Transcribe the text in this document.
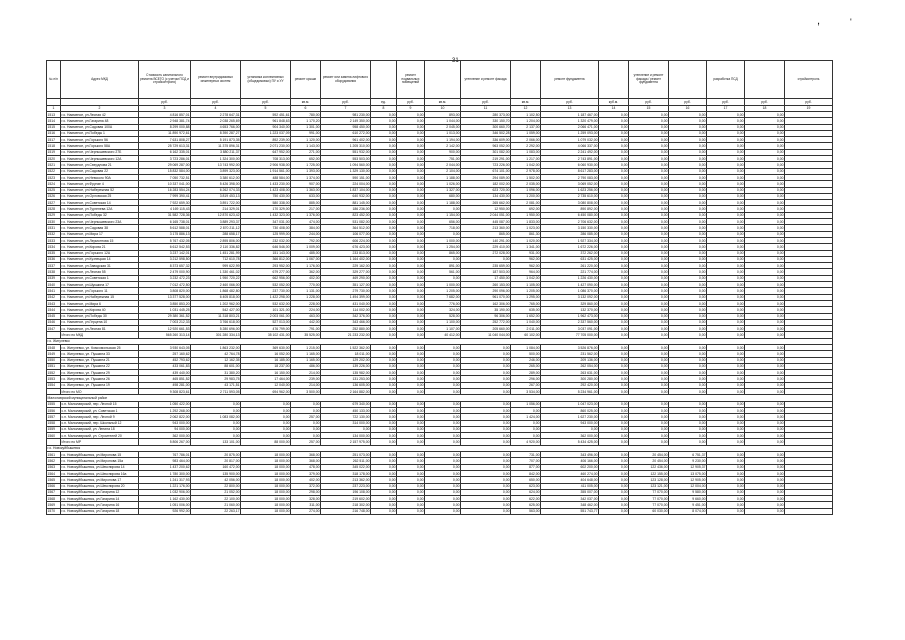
,	'
31
№ п/п	Адрес МКД	Стоимость капитального ремонта ВСЕГО (с учетом ПСД и стройконтроля)	ремонт внутридомовых инженерных систем	установка коллективных (общедомовых) ПУ и УУ	ремонт крыши	ремонт или замена лифтового оборудования		ремонт подвальных помещений		утепление и ремонт фасада		ремонт фундамента		утепление и ремонт фасада / ремонт фундамента		разработка ПСД		стройконтроль
		руб.	руб.	руб.	кв.м.	руб.	ед.	руб.	кв.м.	руб.	кв.м.	руб.	куб.м.	руб.	руб.	руб.	руб.	руб.
1	2	3	4	5	6	7	8	9	10	11	12	13	14	15	16	17	18	19
1513	г.о. Наименое, ул.Лесная 42	4 816 857,01	2 278 647,31	592 451,61	780,00	981 230,00	0,00	0,00	893,00	280 373,00	1 102,50	1 187 467,00	0,00	0,00	0,00	0,00	0,00	
1514	г.о. Наименое, ул.Гагарина 48	2 948 381,74	2 038 265,69	961 848,63	1 170,20	2 149 350,00	0,00	0,00	1 044,00	330 150,70	1 204,00	1 320 479,00	0,00	0,00	0,00	0,00	0,00	
1515	г.о. Наименое, ул.Садовая 100А	8 299 000,88	4 653 766,00	904 340,00	1 301,00	958 450,00	0,00	0,00	2 045,00	300 660,70	2 137,00	2 066 471,00	0,00	0,00	0,00	0,00	0,00	
1516	г.о. Наименое, ул.Победы 1	11 890 972,61	8 390 287,27	1 223 037,09	991,00	610 272,00	0,00	0,00	1 013,00	346 502,28	1 059,00	1 259 093,00	0,00	0,00	0,00	0,00	0,00	
1517	г.о. Наименое, ул.Горького 56	7 631 808,27	5 191 873,35	892 239,00	1 120,00	961 402,00	0,00	0,00	1 194,00	336 609,00	2 066,00	1 079 032,00	0,00	0,00	0,00	0,00	0,00	
1518	г.о. Наименое, ул.Горького 58А	25 729 613,31	11 375 896,31	2 071 230,00	1 143,00	1 205 310,00	0,00	0,00	2 142,00	963 052,00	2 292,00	4 066 337,00	0,00	0,00	0,00	0,00	0,00	
1519	г.о. Наименое, ул.Чернышевского 27Б	6 162 335,01	3 880 211,37	647 952,00	271,00	551 932,00	0,00	0,00	900,00	301 082,00	1 083,00	2 241 492,00	0,00	0,00	0,00	0,00	0,00	
1520	г.о. Наименое, ул.Чернышевского 12А	3 723 286,01	1 324 300,00	708 313,00	652,00	553 503,00	0,00	0,00	751,00	219 291,00	1 217,00	2 743 891,00	0,00	0,00	0,00	0,00	0,00	
1521	г.о. Наименое, ул.Свердлова 21	29 069 287,00	13 743 992,00	2 906 938,00	1 725,00	1 094 560,00	0,00	0,00	2 044,00	723 226,00	1 042,00	6 060 930,00	0,00	0,00	0,00	0,00	0,00	
1522	г.о. Наименое, ул.Садовая 22	15 832 584,00	3 899 323,00	1 914 561,00	1 393,00	1 329 130,00	0,00	0,00	2 104,00	674 101,00	2 978,00	8 617 283,00	0,00	0,00	0,00	0,00	0,00	
1523	г.о. Наименое, ул.Невского 90А	7 050 732,51	3 380 612,00	488 584,00	1 374,00	590 151,00	0,00	0,00	1 188,00	294 089,00	1 502,00	2 790 083,00	0,00	0,00	0,00	0,00	0,00	
1524	г.о. Наименое, ул.Фрунзе 4	10 337 041,00	5 426 398,00	1 433 230,00	907,00	224 004,00	0,00	0,00	1 026,00	182 002,00	2 035,00	3 069 052,00	0,00	0,00	0,00	0,00	0,00	
1525	г.о. Наименое, ул.Набережная 52	16 283 554,24	6 262 074,33	1 423 408,00	1 363,00	1 837 104,00	0,00	0,00	1 327,00	623 720,00	1 096,00	1 623 256,00	0,00	0,00	0,00	0,00	0,00	
1526	г.о. Наименое, ул.Орловская 25	7 999 390,41	3 819 453,13	750 430,00	633,00	640 932,00	0,00	0,00	680,00	134 430,00	1 200,00	2 735 610,00	0,00	0,00	0,00	0,00	0,00	
1527	г.о. Наименое, ул.Советская 14	7 922 659,30	3 891 722,00	580 338,00	885,00	881 145,00	0,00	0,00	1 188,00	265 662,00	2 081,00	3 080 808,00	0,00	0,00	0,00	0,00	0,00	
1528	г.о. Наименое, ул.Тургенева 12А	4 169 115,43	214 329,01	170 329,00	217,00	186 236,00	0,00	0,00	0,00	12 950,00	692,00	890 892,00	0,00	0,00	0,00	0,00	0,00	
1529	г.о. Наименое, ул.Победы 32	31 582 728,36	12 870 623,42	1 432 323,00	1 376,00	823 452,00	0,00	0,00	1 154,00	2 044 051,00	1 950,00	6 450 080,00	0,00	0,00	0,00	0,00	0,00	
1530	г.о. Наименое, ул.Чернышевского 23А	6 165 738,01	3 889 293,37	347 031,00	474,00	531 082,00	0,00	0,00	656,00	445 087,00	1 833,00	2 706 632,00	0,00	0,00	0,00	0,00	0,00	
1531	г.о. Наименое, ул.Садовая 38	5 612 588,01	2 870 211,12	730 408,00	384,00	364 512,00	0,00	0,00	718,00	213 360,00	1 023,00	3 150 330,00	0,00	0,00	0,00	0,00	0,00	
1532	г.о. Наименое, ул.Мира 17	3 175 886,13	288 658,17	125 999,00	244,00	106 077,00	0,00	0,00	0,00	865,00	861,30	286 085,00	0,00	0,00	0,00	0,00	0,00	
1533	г.о. Наименое, ул.Лермонтова 15	5 767 432,05	2 895 806,00	232 032,00	792,00	606 224,00	0,00	0,00	1 000,00	140 291,00	1 020,00	1 927 334,00	0,00	0,00	0,00	0,00	0,00	
1534	г.о. Наименое, ул.Кирова 21	6 612 542,53	2 110 336,82	646 546,00	1 009,00	676 423,00	0,00	0,00	1 254,00	229 410,00	1 341,00	1 672 226,00	0,00	0,00	0,00	0,00	0,00	
1535	г.о. Наименое, ул.Горького 12А	3 237 142,01	1 451 281,99	151 143,00	485,00	233 813,00	0,00	0,00	865,00	272 028,00	931,00	372 262,00	0,00	0,00	0,00	0,00	0,00	
1536	г.о. Наименое, ул.Кузнецкая 14	3 212 598,50	712 610,78	366 812,00	1 067,00	1 164 402,00	0,00	0,00	0,00	0,00	962,00	631 425,00	0,00	0,00	0,00	0,00	0,00	
1537	г.о. Наименое, ул.Заводская 31	8 373 657,32	999 622,99	293 952,00	1 176,00	229 162,00	0,00	0,00	891,00	235 659,00	962,00	261 220,00	0,00	0,00	0,00	0,00	0,00	
1538	г.о. Наименое, ул.Лесная 55	2 479 000,90	1 330 461,02	679 277,00	362,00	329 277,00	0,00	0,00	561,00	187 503,00	964,00	221 774,00	0,00	0,00	0,00	0,00	0,00	
1539	г.о. Наименое, ул.Советская 1	3 232 472,23	1 950 720,22	662 956,00	402,00	469 290,00	0,00	0,00	0,00	17 450,00	1 042,00	1 226 430,00	0,00	0,00	0,00	0,00	0,00	
1540	г.о. Наименое, ул.Шукшина 17	7 012 472,50	2 460 066,00	532 052,00	770,00	351 127,00	0,00	0,00	1 000,00	260 153,00	1 105,00	1 427 090,00	0,00	0,00	0,00	0,00	0,00	
1541	г.о. Наименое, ул.Горького 11	3 808 820,00	1 868 482,80	237 730,00	1 131,00	279 730,00	0,00	0,00	1 205,00	290 096,00	1 205,00	1 086 370,00	0,00	0,00	0,00	0,00	0,00	
1542	г.о. Наименое, ул.Набережная 15	13 377 528,00	6 405 818,00	1 422 298,00	1 228,00	1 494 399,00	0,00	0,00	7 682,00	961 070,00	1 295,00	3 132 092,00	0,00	0,00	0,00	0,00	0,00	
1543	г.о. Наименое, ул.Мира 6	3 850 853,20	1 202 962,00	532 632,00	228,00	431 040,00	0,00	0,00	776,00	162 306,00	765,00	329 860,00	0,00	0,00	0,00	0,00	0,00	
1544	г.о. Наименое, ул.Кирова 40	1 031 445,25	542 427,00	101 321,00	224,00	114 002,00	0,00	0,00	324,00	35 190,00	635,00	132 370,00	0,00	0,00	0,00	0,00	0,00	
1545	г.о. Наименое, ул.Победы 30	29 380 361,52	11 318 803,21	2 003 061,00	463,00	342 376,00	0,00	0,00	528,00	96 306,00	1 652,00	1 962 473,00	0,00	0,00	0,00	0,00	0,00	
1546	г.о. Наименое, ул.Герцена 10	7 003 212,33	3 766 618,00	527 013,00	442,00	343 466,00	0,00	0,00	1 100,00	252 772,00	1 040,00	2 337 560,00	0,00	0,00	0,00	0,00	0,00	
1547	г.о. Наименое, ул.Лесная 81	12 920 661,53	5 280 696,00	476 799,00	791,00	252 880,00	0,00	0,00	1 107,00	205 660,00	2 011,00	3 037 091,00	0,00	0,00	0,00	0,00	0,00	
	Итого по МКД	565 260 313,14	301 280 334,13	35 102 431,00	35 525,00	21 233 232,00	0,00	0,00	40 412,00	11 040 044,00	60 102,00	77 705 000,00	0,00	0,00	0,00	0,00	0,00	
г.о. Жигулевск																		
1548	г.о. Жигулевск, ул. Комсомольская 25	3 930 643,05	1 863 232,00	369 630,00	1 215,00	1 522 362,00	0,00	0,00	0,00	0,00	1 084,00	3 526 876,00	0,00	0,00	0,00	0,00	0,00	
1549	г.о. Жигулевск, ул. Пушкина 33	257 160,62	42 764,78	16 052,00	1 165,00	18 011,00	0,00	0,00	0,00	0,00	500,00	231 562,00	0,00	0,00	0,00	0,00	0,00	
1550	г.о. Жигулевск, ул. Пушкина 21	452 793,62	12 162,35	16 185,00	1 165,00	129 202,00	0,00	0,00	0,00	0,00	246,00	209 136,00	0,00	0,00	0,00	0,00	0,00	
1551	г.о. Жигулевск, ул. Пушкина 22	433 061,83	88 601,00	18 237,00	486,00	139 226,00	0,00	0,00	0,00	0,00	265,00	262 054,00	0,00	0,00	0,00	0,00	0,00	
1552	г.о. Жигулевск, ул. Пушкина 29	439 440,00	31 380,20	16 150,00	214,00	135 982,00	0,00	0,00	0,00	0,00	289,00	263 631,00	0,00	0,00	0,00	0,00	0,00	
1553	г.о. Жигулевск, ул. Пушкина 26	465 851,52	29 983,75	17 464,00	239,00	131 253,00	0,00	0,00	0,00	0,00	296,00	300 280,00	0,00	0,00	0,00	0,00	0,00	
1554	г.о. Жигулевск, ул. Пушкина 19	498 281,00	43 171,51	12 040,00	214,00	136 605,00	0,00	0,00	0,00	0,00	267,00	292 420,00	0,00	0,00	0,00	0,00	0,00	
	Итого по МО	9 308 823,61	2 711 593,05	694 962,00	3 500,00	2 164 882,00	0,00	0,00	0,00	0,00	3 534,00	5 234 961,00	0,00	0,00	0,00	0,00	0,00	
Малолаврский муниципальный район																		
1555	с.п. Малолаврский, пер. Лесной 15	1 050 422,00	0,00	0,00	0,00	679 340,00	0,00	0,00	0,00	0,00	1 056,00	1 047 023,00	0,00	0,00	0,00	0,00	0,00	
1556	с.п. Малолаврский, ул. Советская 1	1 292 268,00	0,00	0,00	0,00	450 133,00	0,00	0,00	0,00	0,00	0,00	860 025,00	0,00	0,00	0,00	0,00	0,00	
1557	с.п. Малолаврский, пер. Лесной 9	2 062 822,00	1 083 082,00	0,00	257,00	722 130,00	0,00	0,00	0,00	0,00	1 424,00	1 627 230,00	0,00	0,00	0,00	0,00	0,00	
1558	с.п. Малолаврский, пер. Школьный 12	943 000,00	0,00	0,00	0,00	314 000,00	0,00	0,00	0,00	0,00	0,00	943 000,00	0,00	0,00	0,00	0,00	0,00	
1559	с.п. Малолаврский, ул. Ленина 18	94 000,00	0,00	0,00	0,00	0,00	0,00	0,00	0,00	0,00	0,00	0,00	0,00	0,00	0,00	0,00	0,00	
1560	с.п. Малолаврский, ул. Строителей 20	362 000,00	0,00	0,00	0,00	134 000,00	0,00	0,00	0,00	0,00	0,00	362 000,00	0,00	0,00	0,00	0,00	0,00	
	Итого по МР	5 806 267,00	133 101,00	88 000,00	257,00	2 157 975,00	0,00	0,00	0,00	0,00	4 920,00	5 434 425,00	0,00	0,00	0,00	0,00	0,00	
г.о. Новокуйбышевск																		
1561	г.о. Новокуйбышевск, ул.Миронова 15	767 786,01	20 875,00	18 000,00	368,00	251 073,00	0,00	0,00	0,00	0,00	731,00	343 496,00	0,00	20 454,00	6 751,37	0,00	0,00	
1562	г.о. Новокуйбышевск, ул.Миронова 15а	983 464,00	20 817,00	18 000,00	368,00	262 511,00	0,00	0,00	0,00	0,00	707,00	406 166,00	0,00	20 454,00	9 230,00	0,00	0,00	
1563	г.о. Новокуйбышевск, ул.Шекспирова 14	1 437 200,62	160 472,00	18 000,00	478,00	345 022,00	0,00	0,00	0,00	0,00	877,00	602 200,00	0,00	122 436,00	12 905,37	0,00	0,00	
1564	г.о. Новокуйбышевск, ул.Шекспирова 16а	1 780 300,00	135 900,00	18 000,00	379,00	318 178,00	0,00	0,00	0,00	0,00	842,00	460 274,00	0,00	122 155,00	13 075,00	0,00	0,00	
1565	г.о. Новокуйбышевск, ул.Миронова 17	1 241 317,93	42 056,00	18 000,00	402,00	213 362,00	0,00	0,00	0,00	0,00	650,00	404 648,00	0,00	123 128,00	12 905,00	0,00	0,00	
1566	г.о. Новокуйбышевск, ул.Шекспирова 20	1 221 176,00	22 800,00	18 000,00	372,00	237 223,00	0,00	0,00	0,00	0,00	623,00	411 005,00	0,00	123 121,00	12 004,00	0,00	0,00	
1567	г.о. Новокуйбышевск, ул.Гагарина 12	1 032 906,00	21 052,00	18 000,00	298,00	196 108,00	0,00	0,00	0,00	0,00	624,00	355 007,00	0,00	77 070,00	9 580,00	0,00	0,00	
1568	г.о. Новокуйбышевск, ул.Гагарина 14	1 162 430,00	22 100,00	18 000,00	328,00	219 602,00	0,00	0,00	0,00	0,00	622,00	342 037,00	0,00	77 070,00	9 660,00	0,00	0,00	
1569	г.о. Новокуйбышевск, ул.Гагарина 16	1 051 006,00	21 060,00	18 000,00	311,00	218 302,00	0,00	0,00	0,00	0,00	625,00	348 462,00	0,00	77 070,00	9 451,00	0,00	0,00	
1570	г.о. Новокуйбышевск, ул.Гагарина 18	926 992,00	22 263,17	18 000,00	274,00	216 748,00	0,00	0,00	0,00	0,00	563,00	551 743,77	0,00	60 030,00	8 074,00	0,00	0,00	
